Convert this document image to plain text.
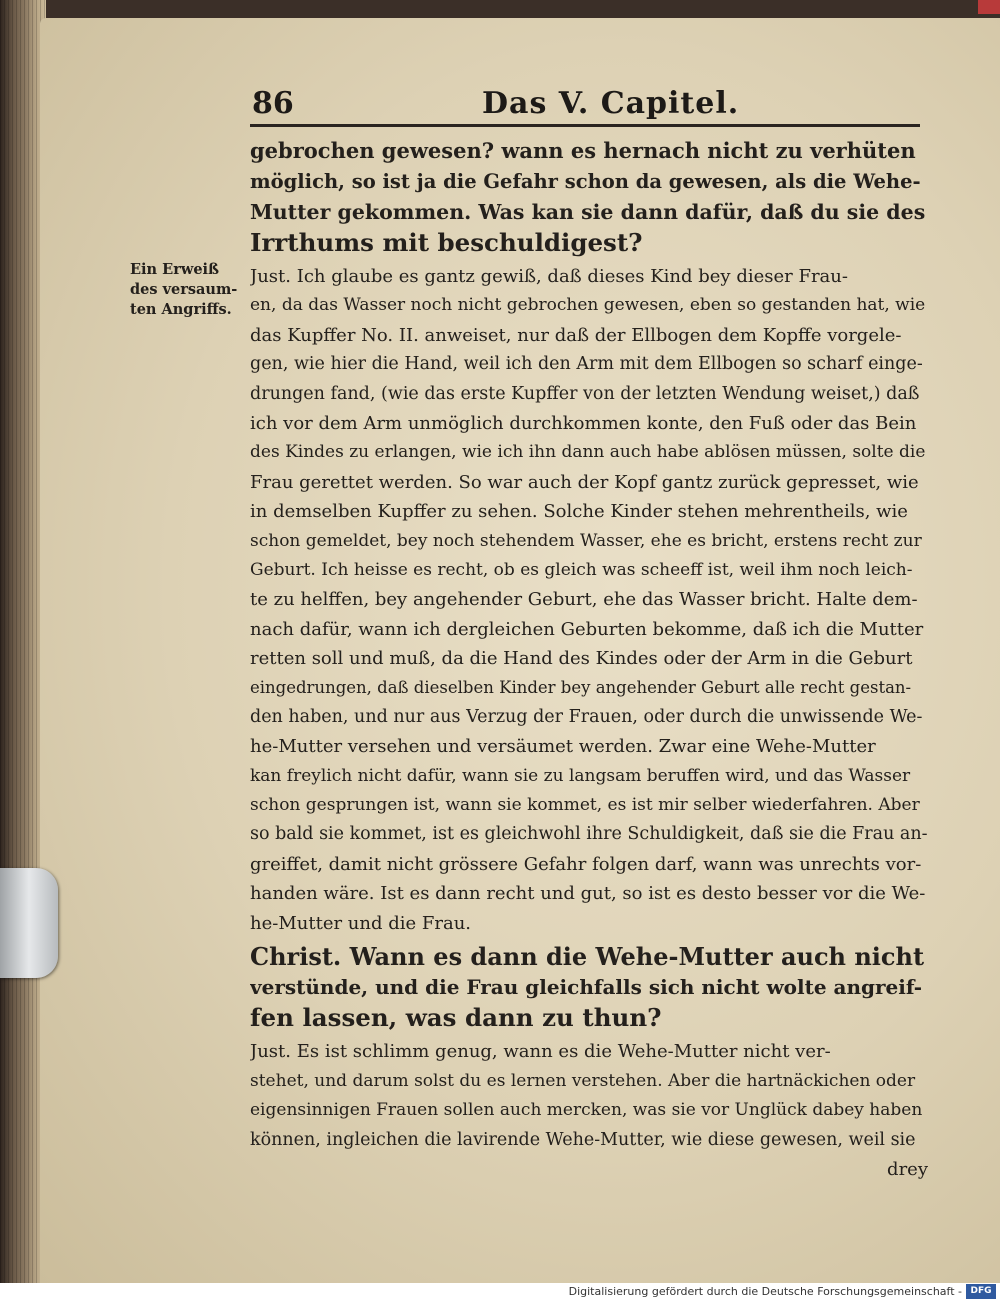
86	Das V. Capitel.
Ein Erweiß
des versaum-
ten Angriffs.
gebrochen gewesen? wann es hernach nicht zu verhüten
möglich, so ist ja die Gefahr schon da gewesen, als die Wehe-
Mutter gekommen. Was kan sie dann dafür, daß du sie des
Irrthums mit beschuldigest?
Just. Ich glaube es gantz gewiß, daß dieses Kind bey dieser Frau-
en, da das Wasser noch nicht gebrochen gewesen, eben so gestanden hat, wie
das Kupffer No. II. anweiset, nur daß der Ellbogen dem Kopffe vorgele-
gen, wie hier die Hand, weil ich den Arm mit dem Ellbogen so scharf einge-
drungen fand, (wie das erste Kupffer von der letzten Wendung weiset,) daß
ich vor dem Arm unmöglich durchkommen konte, den Fuß oder das Bein
des Kindes zu erlangen, wie ich ihn dann auch habe ablösen müssen, solte die
Frau gerettet werden. So war auch der Kopf gantz zurück gepresset, wie
in demselben Kupffer zu sehen. Solche Kinder stehen mehrentheils, wie
schon gemeldet, bey noch stehendem Wasser, ehe es bricht, erstens recht zur
Geburt. Ich heisse es recht, ob es gleich was scheeff ist, weil ihm noch leich-
te zu helffen, bey angehender Geburt, ehe das Wasser bricht. Halte dem-
nach dafür, wann ich dergleichen Geburten bekomme, daß ich die Mutter
retten soll und muß, da die Hand des Kindes oder der Arm in die Geburt
eingedrungen, daß dieselben Kinder bey angehender Geburt alle recht gestan-
den haben, und nur aus Verzug der Frauen, oder durch die unwissende We-
he-Mutter versehen und versäumet werden. Zwar eine Wehe-Mutter
kan freylich nicht dafür, wann sie zu langsam beruffen wird, und das Wasser
schon gesprungen ist, wann sie kommet, es ist mir selber wiederfahren. Aber
so bald sie kommet, ist es gleichwohl ihre Schuldigkeit, daß sie die Frau an-
greiffet, damit nicht grössere Gefahr folgen darf, wann was unrechts vor-
handen wäre. Ist es dann recht und gut, so ist es desto besser vor die We-
he-Mutter und die Frau.
Christ. Wann es dann die Wehe-Mutter auch nicht
verstünde, und die Frau gleichfalls sich nicht wolte angreif-
fen lassen, was dann zu thun?
Just. Es ist schlimm genug, wann es die Wehe-Mutter nicht ver-
stehet, und darum solst du es lernen verstehen. Aber die hartnäckichen oder
eigensinnigen Frauen sollen auch mercken, was sie vor Unglück dabey haben
können, ingleichen die lavirende Wehe-Mutter, wie diese gewesen, weil sie
drey
Digitalisierung gefördert durch die Deutsche Forschungsgemeinschaft - DFG
